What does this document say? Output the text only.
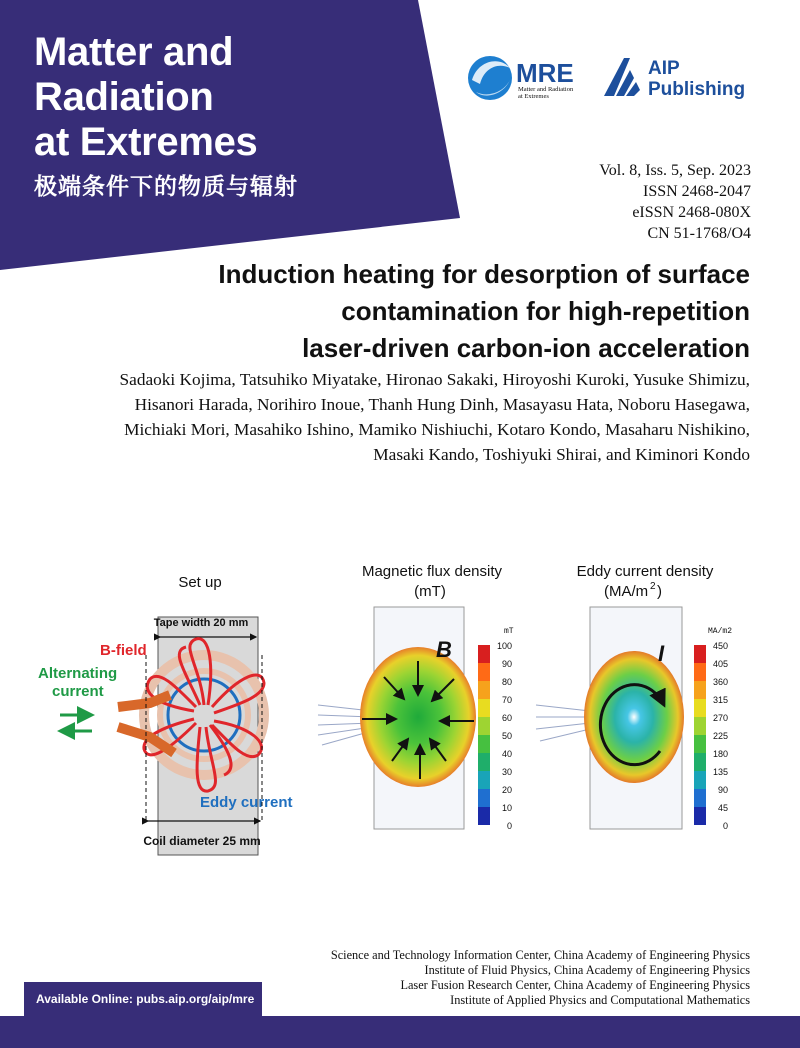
Matter and
Radiation
at Extremes
极端条件下的物质与辐射
MRE
Matter and Radiation
at Extremes
AIP
Publishing
Vol. 8, Iss. 5, Sep. 2023
ISSN 2468-2047
eISSN 2468-080X
CN 51-1768/O4
Induction heating for desorption of surface
contamination for high-repetition
laser-driven carbon-ion acceleration
Sadaoki Kojima, Tatsuhiko Miyatake, Hironao Sakaki, Hiroyoshi Kuroki, Yusuke Shimizu,
Hisanori Harada, Norihiro Inoue, Thanh Hung Dinh, Masayasu Hata, Noboru Hasegawa,
Michiaki Mori, Masahiko Ishino, Mamiko Nishiuchi, Kotaro Kondo, Masaharu Nishikino,
Masaki Kando, Toshiyuki Shirai, and Kiminori Kondo
Set up
Tape width 20 mm
B-field
Alternating
current
Eddy current
Coil diameter 25 mm
Magnetic flux density
(mT)
B
mT
100
90
80
70
60
50
40
30
20
10
0
Eddy current density
(MA/m 2 )
I
MA/m2
450
405
360
315
270
225
180
135
90
45
0
Science and Technology Information Center, China Academy of Engineering Physics
Institute of Fluid Physics, China Academy of Engineering Physics
Laser Fusion Research Center, China Academy of Engineering Physics
Institute of Applied Physics and Computational Mathematics
Available Online: pubs.aip.org/aip/mre
